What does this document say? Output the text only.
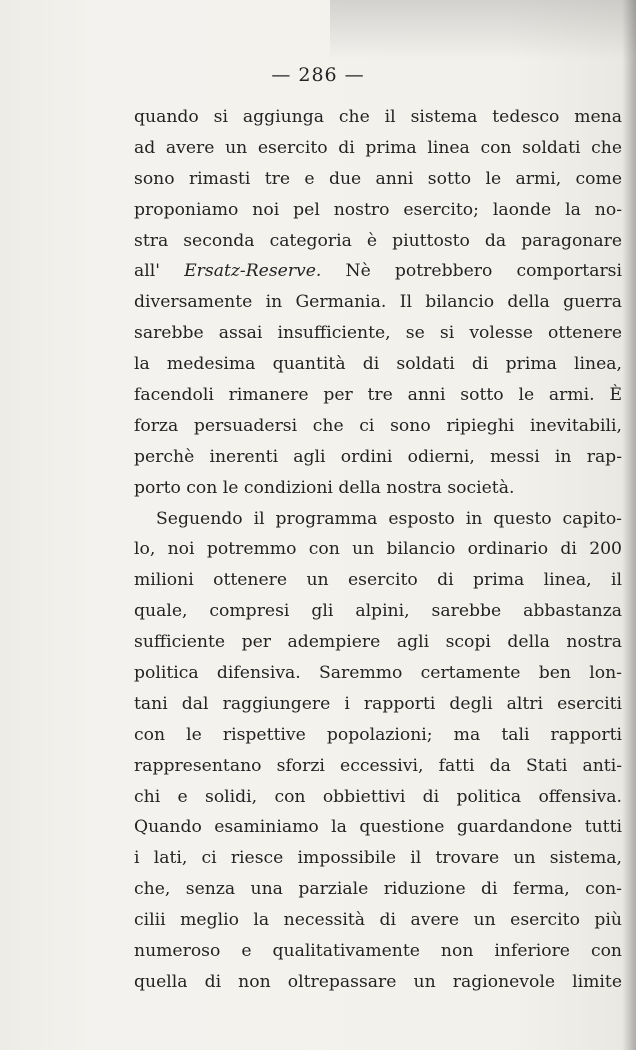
— 286 —
quando si aggiunga che il sistema tedesco mena
ad avere un esercito di prima linea con soldati che
sono rimasti tre e due anni sotto le armi, come
proponiamo noi pel nostro esercito; laonde la no-
stra seconda categoria è piuttosto da paragonare
all' Ersatz-Reserve. Nè potrebbero comportarsi
diversamente in Germania. Il bilancio della guerra
sarebbe assai insufficiente, se si volesse ottenere
la medesima quantità di soldati di prima linea,
facendoli rimanere per tre anni sotto le armi. È
forza persuadersi che ci sono ripieghi inevitabili,
perchè inerenti agli ordini odierni, messi in rap-
porto con le condizioni della nostra società.
Seguendo il programma esposto in questo capito-
lo, noi potremmo con un bilancio ordinario di 200
milioni ottenere un esercito di prima linea, il
quale, compresi gli alpini, sarebbe abbastanza
sufficiente per adempiere agli scopi della nostra
politica difensiva. Saremmo certamente ben lon-
tani dal raggiungere i rapporti degli altri eserciti
con le rispettive popolazioni; ma tali rapporti
rappresentano sforzi eccessivi, fatti da Stati anti-
chi e solidi, con obbiettivi di politica offensiva.
Quando esaminiamo la questione guardandone tutti
i lati, ci riesce impossibile il trovare un sistema,
che, senza una parziale riduzione di ferma, con-
cilii meglio la necessità di avere un esercito più
numeroso e qualitativamente non inferiore con
quella di non oltrepassare un ragionevole limite
